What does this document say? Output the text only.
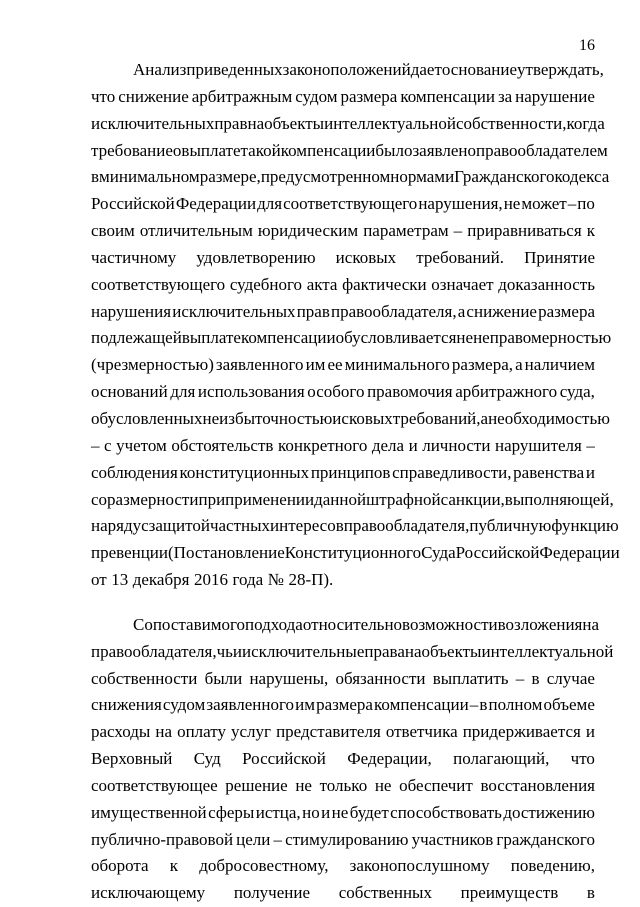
16
Анализ приведенных законоположений дает основание утверждать,
что снижение арбитражным судом размера компенсации за нарушение
исключительных прав на объекты интеллектуальной собственности, когда
требование о выплате такой компенсации было заявлено правообладателем
в минимальном размере, предусмотренном нормами Гражданского кодекса
Российской Федерации для соответствующего нарушения, не может – по
своим отличительным юридическим параметрам – приравниваться к
частичному удовлетворению исковых требований. Принятие
соответствующего судебного акта фактически означает доказанность
нарушения исключительных прав правообладателя, а снижение размера
подлежащей выплате компенсации обусловливается не неправомерностью
(чрезмерностью) заявленного им ее минимального размера, а наличием
оснований для использования особого правомочия арбитражного суда,
обусловленных не избыточностью исковых требований, а необходимостью
– с учетом обстоятельств конкретного дела и личности нарушителя –
соблюдения конституционных принципов справедливости, равенства и
соразмерности при применении данной штрафной санкции, выполняющей,
наряду с защитой частных интересов правообладателя, публичную функцию
превенции (Постановление Конституционного Суда Российской Федерации
от 13 декабря 2016 года № 28-П).
Сопоставимого подхода относительно возможности возложения на
правообладателя, чьи исключительные права на объекты интеллектуальной
собственности были нарушены, обязанности выплатить – в случае
снижения судом заявленного им размера компенсации – в полном объеме
расходы на оплату услуг представителя ответчика придерживается и
Верховный Суд Российской Федерации, полагающий, что
соответствующее решение не только не обеспечит восстановления
имущественной сферы истца, но и не будет способствовать достижению
публично-правовой цели – стимулированию участников гражданского
оборота к добросовестному, законопослушному поведению,
исключающему получение собственных преимуществ в
